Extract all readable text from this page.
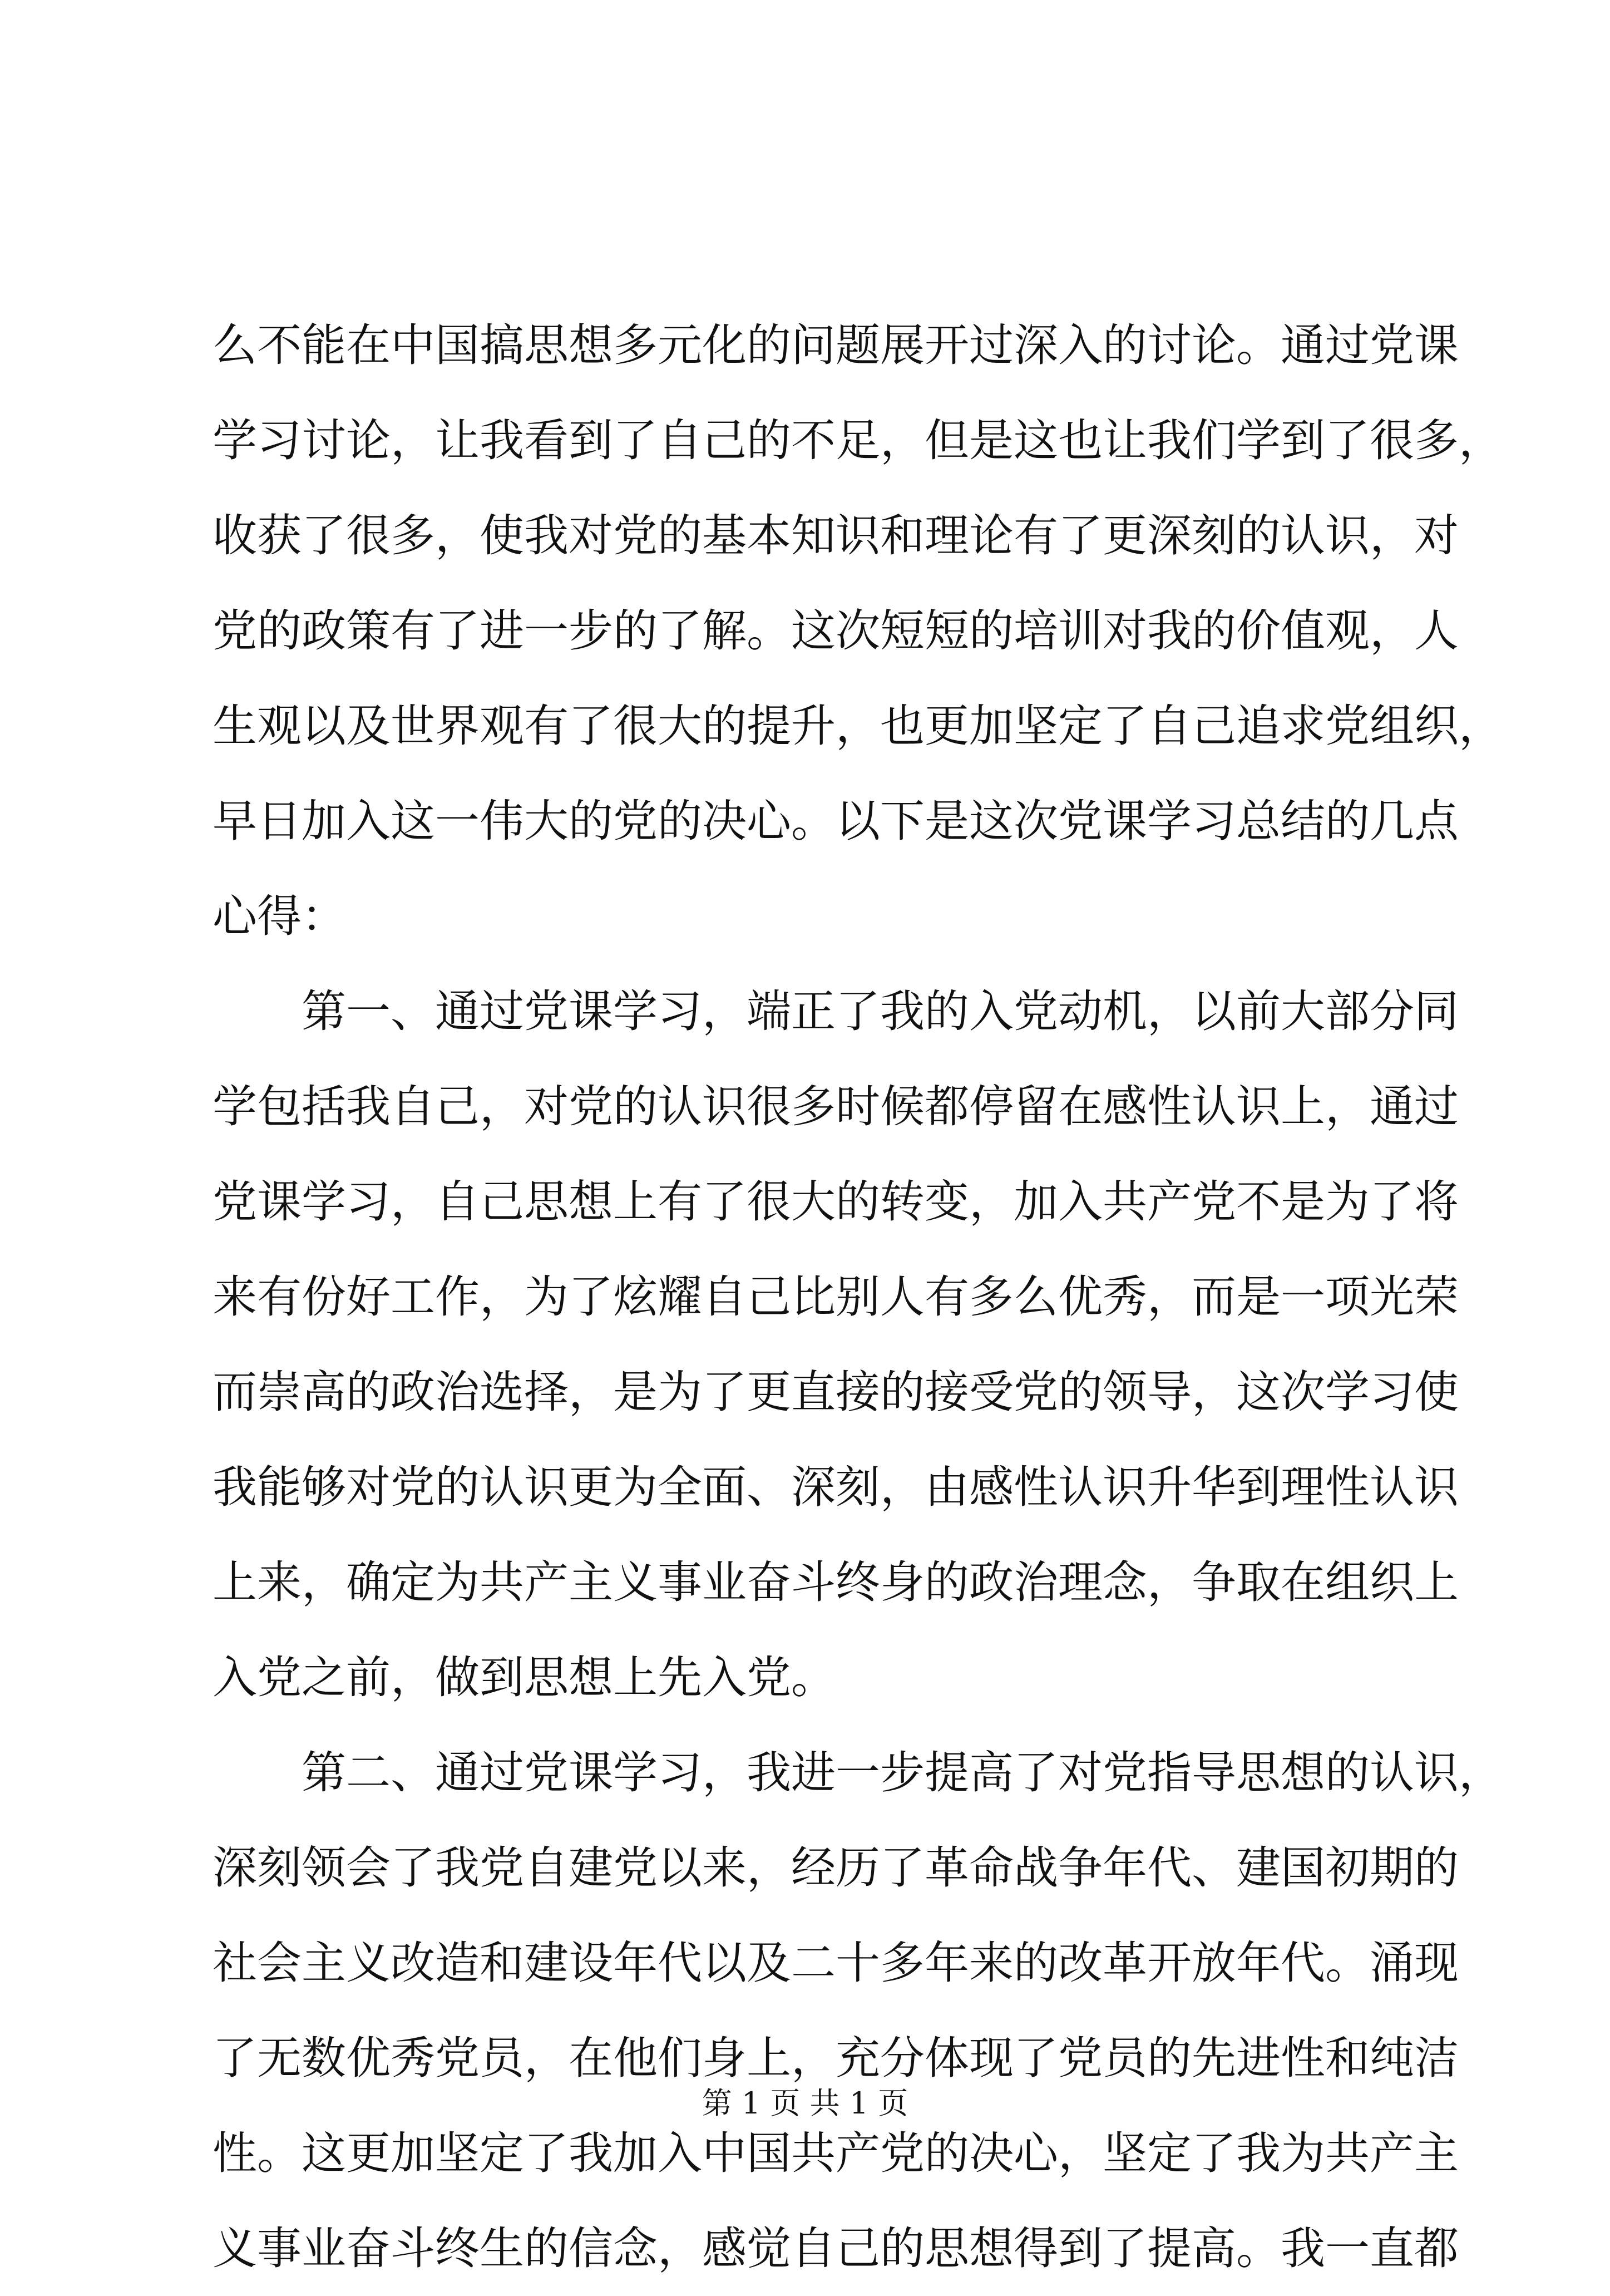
么不能在中国搞思想多元化的问题展开过深入的讨论。通过党课
学习讨论，让我看到了自己的不足，但是这也让我们学到了很多，
收获了很多，使我对党的基本知识和理论有了更深刻的认识，对
党的政策有了进一步的了解。这次短短的培训对我的价值观，人
生观以及世界观有了很大的提升，也更加坚定了自己追求党组织，
早日加入这一伟大的党的决心。以下是这次党课学习总结的几点
心得：
　　第一、通过党课学习，端正了我的入党动机，以前大部分同
学包括我自己，对党的认识很多时候都停留在感性认识上，通过
党课学习，自己思想上有了很大的转变，加入共产党不是为了将
来有份好工作，为了炫耀自己比别人有多么优秀，而是一项光荣
而崇高的政治选择，是为了更直接的接受党的领导，这次学习使
我能够对党的认识更为全面、深刻，由感性认识升华到理性认识
上来，确定为共产主义事业奋斗终身的政治理念，争取在组织上
入党之前，做到思想上先入党。
　　第二、通过党课学习，我进一步提高了对党指导思想的认识，
深刻领会了我党自建党以来，经历了革命战争年代、建国初期的
社会主义改造和建设年代以及二十多年来的改革开放年代。涌现
了无数优秀党员，在他们身上，充分体现了党员的先进性和纯洁
性。这更加坚定了我加入中国共产党的决心，坚定了我为共产主
义事业奋斗终生的信念，感觉自己的思想得到了提高。我一直都
第 1 页 共 1 页
